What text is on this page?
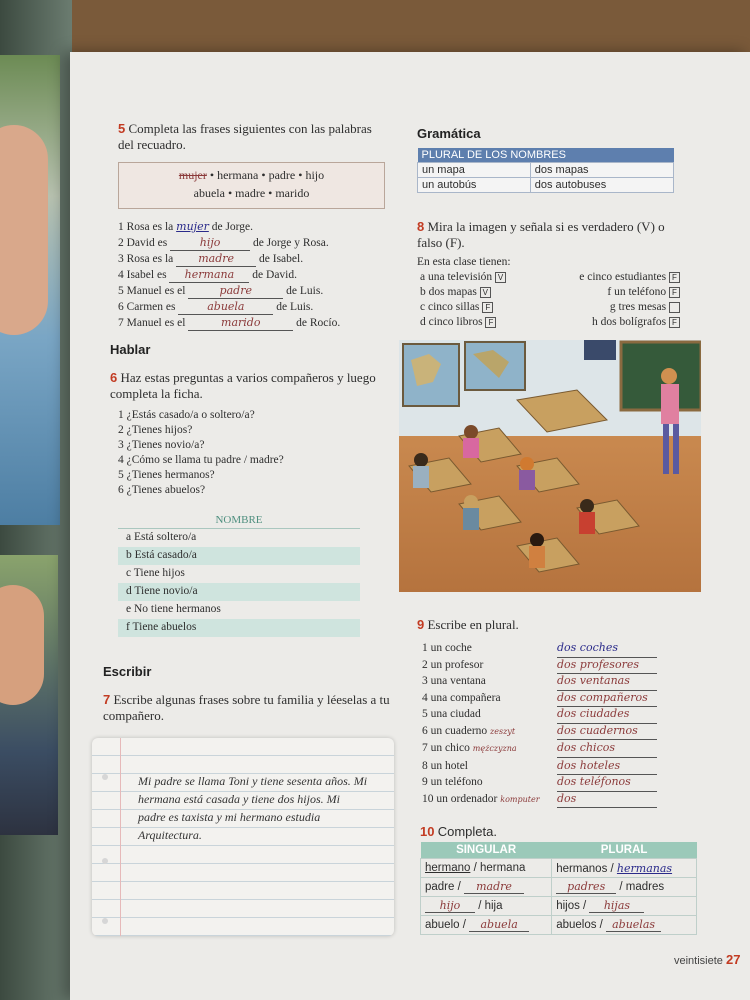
5 Completa las frases siguientes con las palabras del recuadro.
mujer • hermana • padre • hijo
abuela • madre • marido
1 Rosa es la mujer de Jorge.
2 David es	hijo	de Jorge y Rosa.
3 Rosa es la madre de Isabel.
4 Isabel es hermana de David.
5 Manuel es el	padre	de Luis.
6 Carmen es	abuela	de Luis.
7 Manuel es el	marido	de Rocío.
Gramática
PLURAL DE LOS NOMBRES	
un mapa	dos mapas
un autobús	dos autobuses
8 Mira la imagen y señala si es verdadero (V) o falso (F).
En esta clase tienen:
a una televisión V	e cinco estudiantes F
b dos mapas V	f un teléfono F
c cinco sillas F	g tres mesas
d cinco libros F	h dos bolígrafos F
Hablar
6 Haz estas preguntas a varios compañeros y luego completa la ficha.
1 ¿Estás casado/a o soltero/a?
2 ¿Tienes hijos?
3 ¿Tienes novio/a?
4 ¿Cómo se llama tu padre / madre?
5 ¿Tienes hermanos?
6 ¿Tienes abuelos?
NOMBRE
a Está soltero/a
b Está casado/a
c Tiene hijos
d Tiene novio/a
e No tiene hermanos
f Tiene abuelos
Escribir
7 Escribe algunas frases sobre tu familia y léeselas a tu compañero.
Mi padre se llama Toni y tiene sesenta años. Mi hermana está casada y tiene dos hijos. Mi padre es taxista y mi hermano estudia Arquitectura.
9 Escribe en plural.
1 un coche	dos coches
2 un profesor	dos profesores
3 una ventana	dos ventanas
4 una compañera	dos compañeros
5 una ciudad	dos ciudades
6 un cuaderno zeszyt	dos cuadernos
7 un chico mężczyzna	dos chicos
8 un hotel	dos hoteles
9 un teléfono	dos teléfonos
10 un ordenador komputer dos
10 Completa.
SINGULAR	PLURAL
hermano / hermana	hermanos / hermanas
padre / madre	padres / madres
hijo / hija	hijos / hijas
abuelo / abuela	abuelos / abuelas
veintisiete 27
